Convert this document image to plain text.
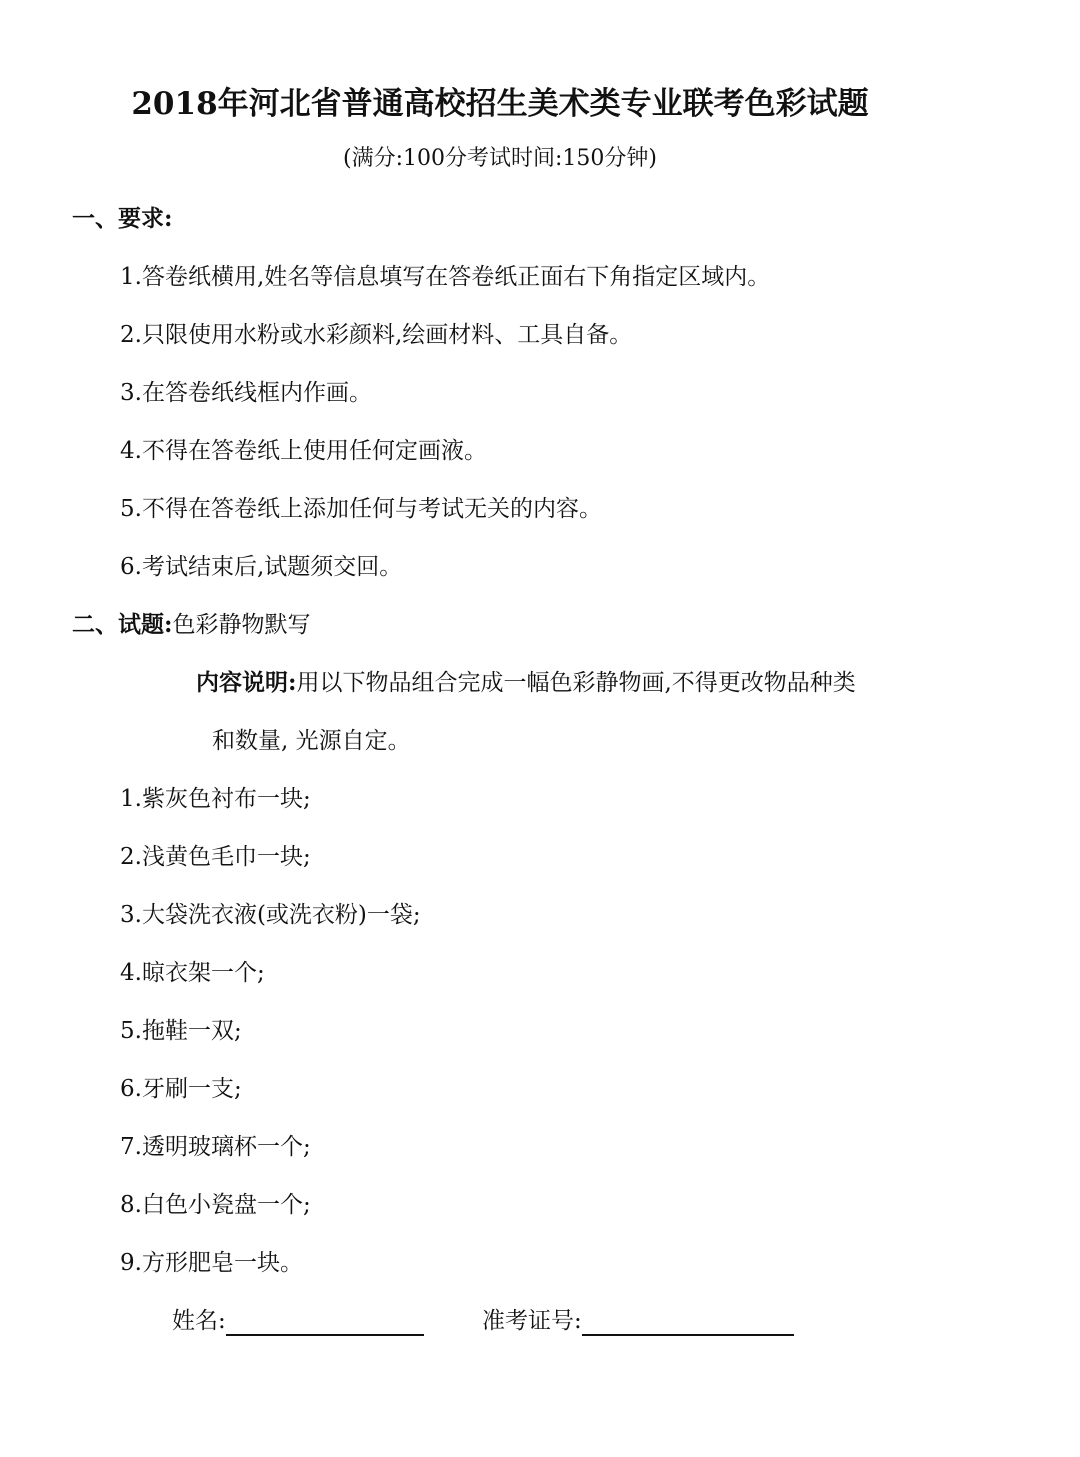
2018年河北省普通高校招生美术类专业联考色彩试题
(满分:100分考试时间:150分钟)
一、要求:
1.答卷纸横用,姓名等信息填写在答卷纸正面右下角指定区域内。
2.只限使用水粉或水彩颜料,绘画材料、工具自备。
3.在答卷纸线框内作画。
4.不得在答卷纸上使用任何定画液。
5.不得在答卷纸上添加任何与考试无关的内容。
6.考试结束后,试题须交回。
二、试题:色彩静物默写
内容说明:用以下物品组合完成一幅色彩静物画,不得更改物品种类
和数量, 光源自定。
1.紫灰色衬布一块;
2.浅黄色毛巾一块;
3.大袋洗衣液(或洗衣粉)一袋;
4.晾衣架一个;
5.拖鞋一双;
6.牙刷一支;
7.透明玻璃杯一个;
8.白色小瓷盘一个;
9.方形肥皂一块。
姓名:	准考证号:
